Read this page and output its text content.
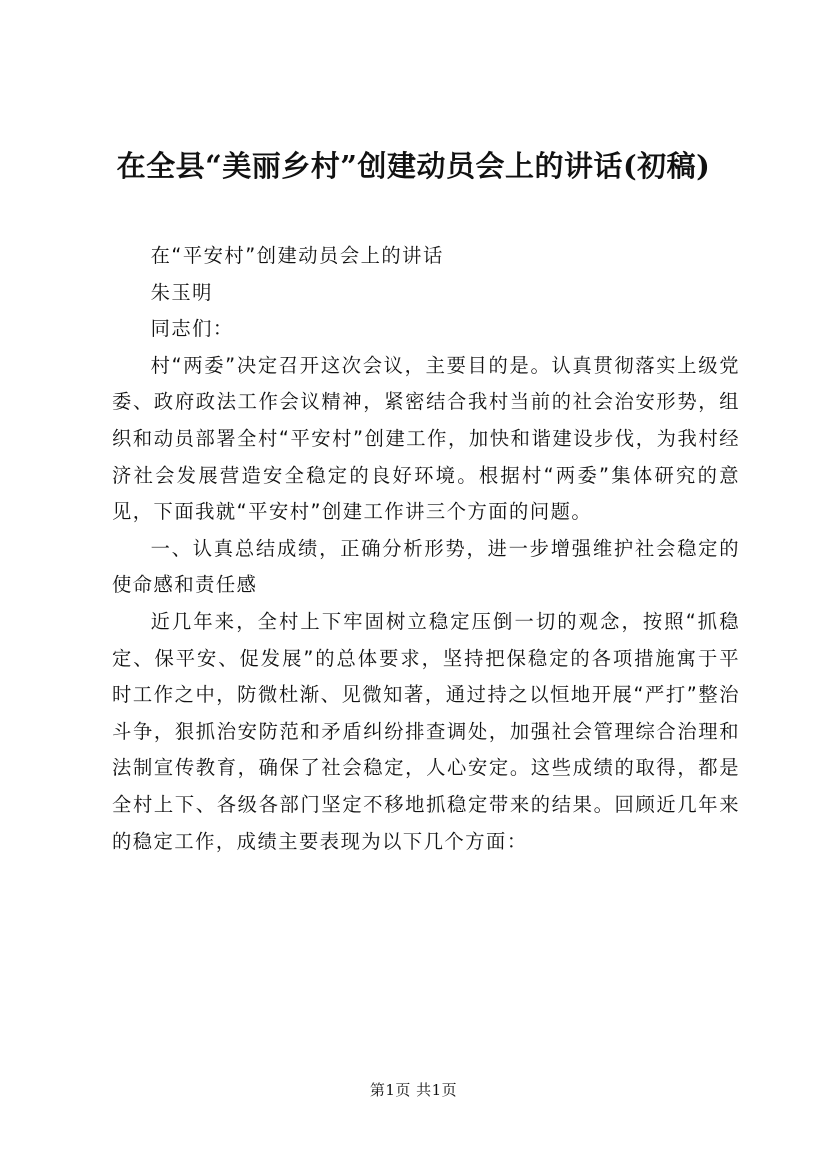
在全县“美丽乡村”创建动员会上的讲话(初稿)

在“平安村”创建动员会上的讲话

朱玉明

同志们：

村“两委”决定召开这次会议，主要目的是。认真贯彻落实上级党委、政府政法工作会议精神，紧密结合我村当前的社会治安形势，组织和动员部署全村“平安村”创建工作，加快和谐建设步伐，为我村经济社会发展营造安全稳定的良好环境。根据村“两委”集体研究的意见，下面我就“平安村”创建工作讲三个方面的问题。

一、认真总结成绩，正确分析形势，进一步增强维护社会稳定的使命感和责任感

近几年来，全村上下牢固树立稳定压倒一切的观念，按照“抓稳定、保平安、促发展”的总体要求，坚持把保稳定的各项措施寓于平时工作之中，防微杜渐、见微知著，通过持之以恒地开展“严打”整治斗争，狠抓治安防范和矛盾纠纷排查调处，加强社会管理综合治理和法制宣传教育，确保了社会稳定，人心安定。这些成绩的取得，都是全村上下、各级各部门坚定不移地抓稳定带来的结果。回顾近几年来的稳定工作，成绩主要表现为以下几个方面：

第1页 共1页
